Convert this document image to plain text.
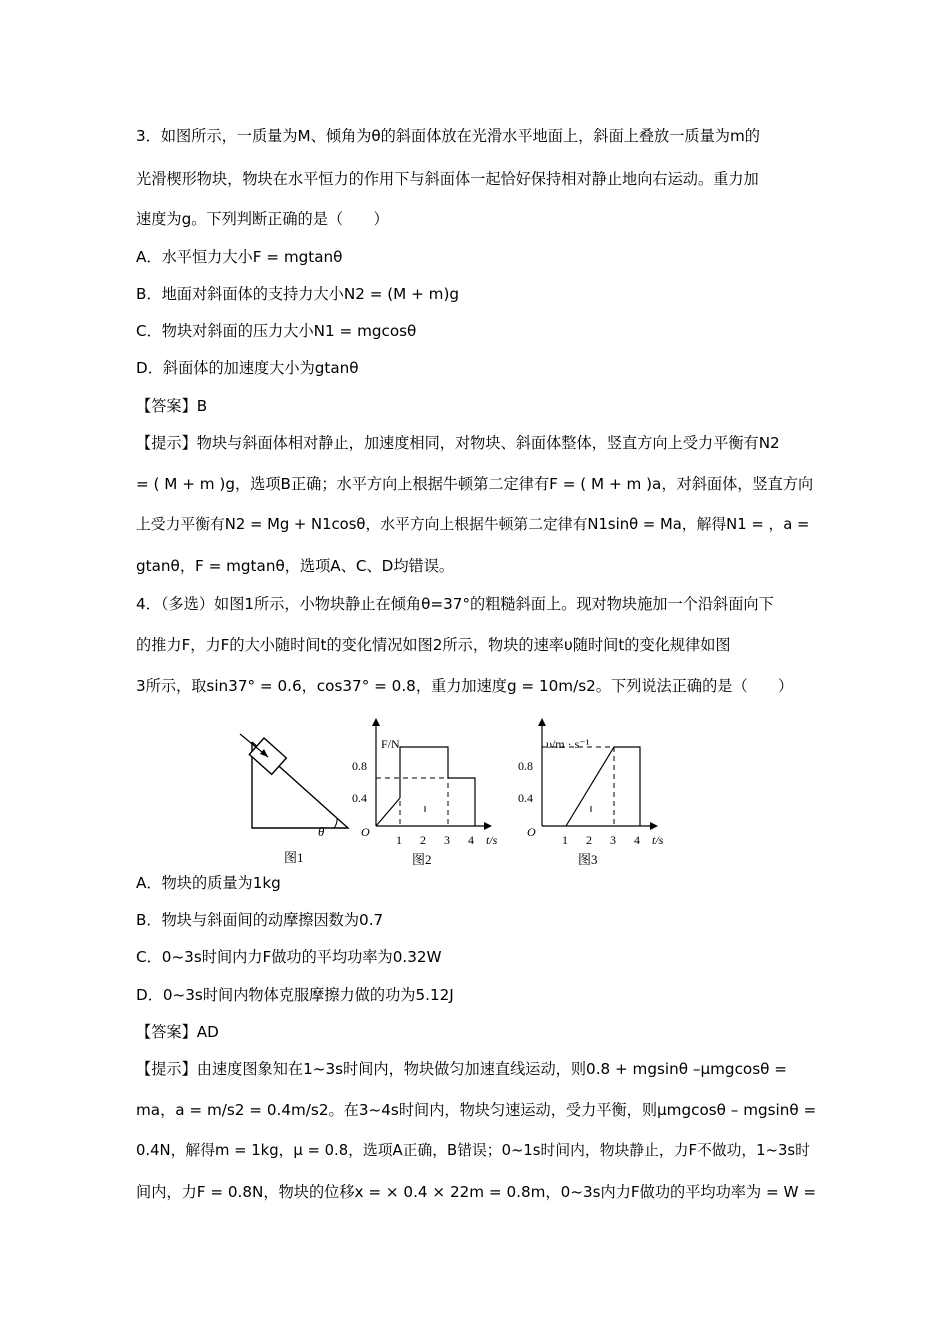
3．如图所示，一质量为M、倾角为θ的斜面体放在光滑水平地面上，斜面上叠放一质量为m的
光滑楔形物块，物块在水平恒力的作用下与斜面体一起恰好保持相对静止地向右运动。重力加
速度为g。下列判断正确的是（　　）
A．水平恒力大小F = mgtanθ
B．地面对斜面体的支持力大小N2 = (M + m)g
C．物块对斜面的压力大小N1 = mgcosθ
D．斜面体的加速度大小为gtanθ
【答案】B
【提示】物块与斜面体相对静止，加速度相同，对物块、斜面体整体，竖直方向上受力平衡有N2
= ( M + m )g，选项B正确；水平方向上根据牛顿第二定律有F = ( M + m )a，对斜面体，竖直方向
上受力平衡有N2 = Mg + N1cosθ，水平方向上根据牛顿第二定律有N1sinθ = Ma，解得N1 = ，a =
gtanθ，F = mgtanθ，选项A、C、D均错误。
4．（多选）如图1所示，小物块静止在倾角θ=37°的粗糙斜面上。现对物块施加一个沿斜面向下
的推力F，力F的大小随时间t的变化情况如图2所示，物块的速率υ随时间t的变化规律如图
3所示，取sin37° = 0.6，cos37° = 0.8，重力加速度g = 10m/s2。下列说法正确的是（　　）
θ
图1
F/N
0.8
0.4
O
1 2 3 4 t/s
图2
υ/m · s⁻¹
0.8
0.4
O
1 2 3 4 t/s
图3
A．物块的质量为1kg
B．物块与斜面间的动摩擦因数为0.7
C．0~3s时间内力F做功的平均功率为0.32W
D．0~3s时间内物体克服摩擦力做的功为5.12J
【答案】AD
【提示】由速度图象知在1~3s时间内，物块做匀加速直线运动，则0.8 + mgsinθ –μmgcosθ =
ma，a = m/s2 = 0.4m/s2。在3~4s时间内，物块匀速运动，受力平衡，则μmgcosθ – mgsinθ =
0.4N，解得m = 1kg，μ = 0.8，选项A正确，B错误；0~1s时间内，物块静止，力F不做功，1~3s时
间内，力F = 0.8N，物块的位移x = × 0.4 × 22m = 0.8m，0~3s内力F做功的平均功率为 = W =
